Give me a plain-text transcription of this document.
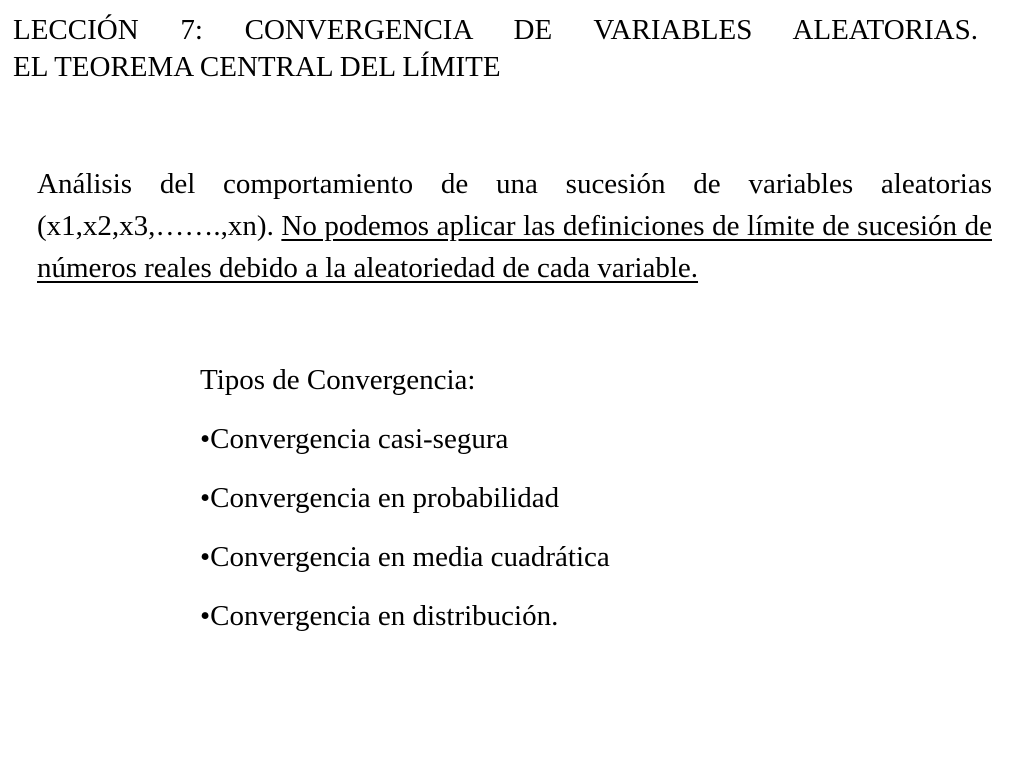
LECCIÓN 7: CONVERGENCIA DE VARIABLES ALEATORIAS.
EL TEOREMA CENTRAL DEL LÍMITE

Análisis del comportamiento de una sucesión de variables aleatorias (x1,x2,x3,…….,xn). No podemos aplicar las definiciones de límite de sucesión de números reales debido a la aleatoriedad de cada variable.

Tipos de Convergencia:
•Convergencia casi-segura
•Convergencia en probabilidad
•Convergencia en media cuadrática
•Convergencia en distribución.
